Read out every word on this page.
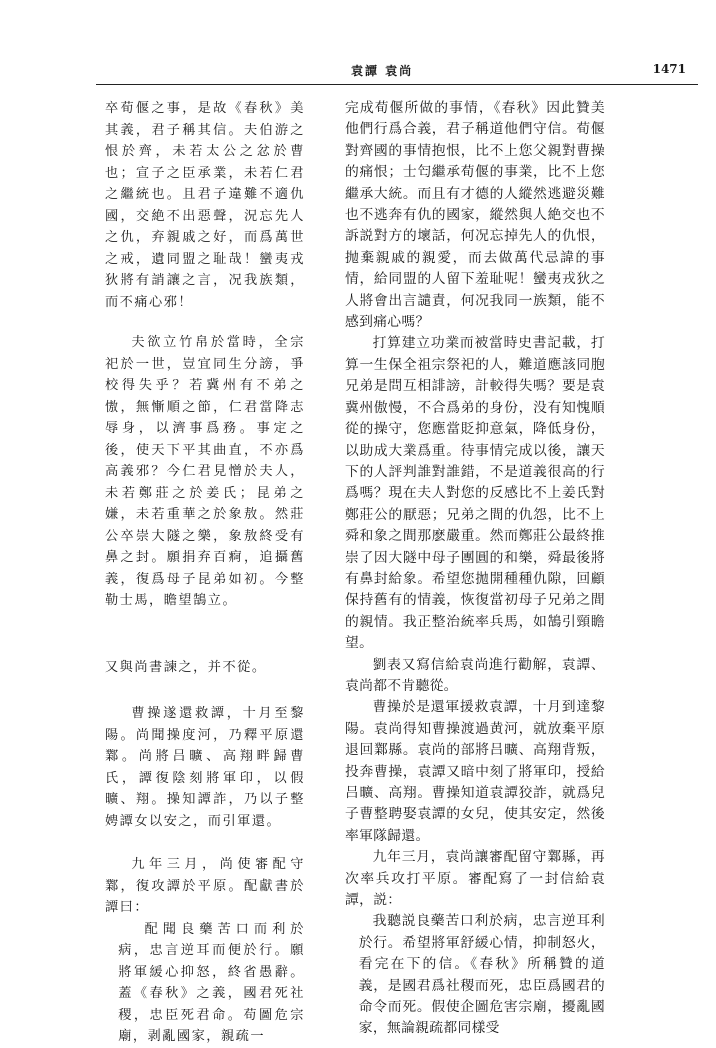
袁譚 袁尚	1471

卒荀偃之事，是故《春秋》美其義，君子稱其信。夫伯游之恨於齊，未若太公之忿於曹也；宣子之臣承業，未若仁君之繼統也。且君子違難不適仇國，交絶不出惡聲，況忘先人之仇，弃親戚之好，而爲萬世之戒，遺同盟之耻哉！蠻夷戎狄將有誚讓之言，况我族類，而不痛心邪！

夫欲立竹帛於當時，全宗祀於一世，豈宜同生分謗，爭校得失乎？若冀州有不弟之慠，無慚順之節，仁君當降志辱身，以濟事爲務。事定之後，使天下平其曲直，不亦爲高義邪？今仁君見憎於夫人，未若鄭莊之於姜氏；昆弟之嫌，未若重華之於象敖。然莊公卒崇大隧之樂，象敖終受有鼻之封。願捐弃百痾，追攝舊義，復爲母子昆弟如初。今整勒士馬，瞻望鵠立。

又與尚書諫之，并不從。

曹操遂還救譚，十月至黎陽。尚聞操度河，乃釋平原還鄴。尚將吕曠、高翔畔歸曹氏，譚復陰刻將軍印，以假曠、翔。操知譚詐，乃以子整娉譚女以安之，而引軍還。

九年三月，尚使審配守鄴，復攻譚於平原。配獻書於譚曰：

配聞良藥苦口而利於病，忠言逆耳而便於行。願將軍緩心抑怒，終省愚辭。蓋《春秋》之義，國君死社稷，忠臣死君命。苟圖危宗廟，剥亂國家，親疏一

完成荀偃所做的事情，《春秋》因此贊美他們行爲合義，君子稱道他們守信。荀偃對齊國的事情抱恨，比不上您父親對曹操的痛恨；士匄繼承荀偃的事業，比不上您繼承大統。而且有才德的人縱然逃避災難也不逃奔有仇的國家，縱然與人絶交也不訴説對方的壞話，何况忘掉先人的仇恨，抛棄親戚的親愛，而去做萬代忌諱的事情，給同盟的人留下羞耻呢！蠻夷戎狄之人將會出言譴責，何况我同一族類，能不感到痛心嗎？

打算建立功業而被當時史書記載，打算一生保全祖宗祭祀的人，難道應該同胞兄弟是問互相誹謗，計較得失嗎？要是袁冀州傲慢，不合爲弟的身份，没有知愧順從的操守，您應當貶抑意氣，降低身份，以助成大業爲重。待事情完成以後，讓天下的人評判誰對誰錯，不是道義很高的行爲嗎？現在夫人對您的反感比不上姜氏對鄭莊公的厭惡；兄弟之間的仇怨，比不上舜和象之間那麽嚴重。然而鄭莊公最終推崇了因大隧中母子團圓的和樂，舜最後將有鼻封給象。希望您拋開種種仇隙，回顧保持舊有的情義，恢復當初母子兄弟之間的親情。我正整治統率兵馬，如鵠引頸瞻望。

劉表又寫信給袁尚進行勸解，袁譚、袁尚都不肯聽從。

曹操於是還軍援救袁譚，十月到達黎陽。袁尚得知曹操渡過黄河，就放棄平原退回鄴縣。袁尚的部將吕曠、高翔背叛，投奔曹操，袁譚又暗中刻了將軍印，授給吕曠、高翔。曹操知道袁譚狡詐，就爲兒子曹整聘娶袁譚的女兒，使其安定，然後率軍隊歸還。

九年三月，袁尚讓審配留守鄴縣，再次率兵攻打平原。審配寫了一封信給袁譚，説：

我聽説良藥苦口利於病，忠言逆耳利於行。希望將軍舒緩心情，抑制怒火，看完在下的信。《春秋》所稱贊的道義，是國君爲社稷而死，忠臣爲國君的命令而死。假使企圖危害宗廟，擾亂國家，無論親疏都同樣受
